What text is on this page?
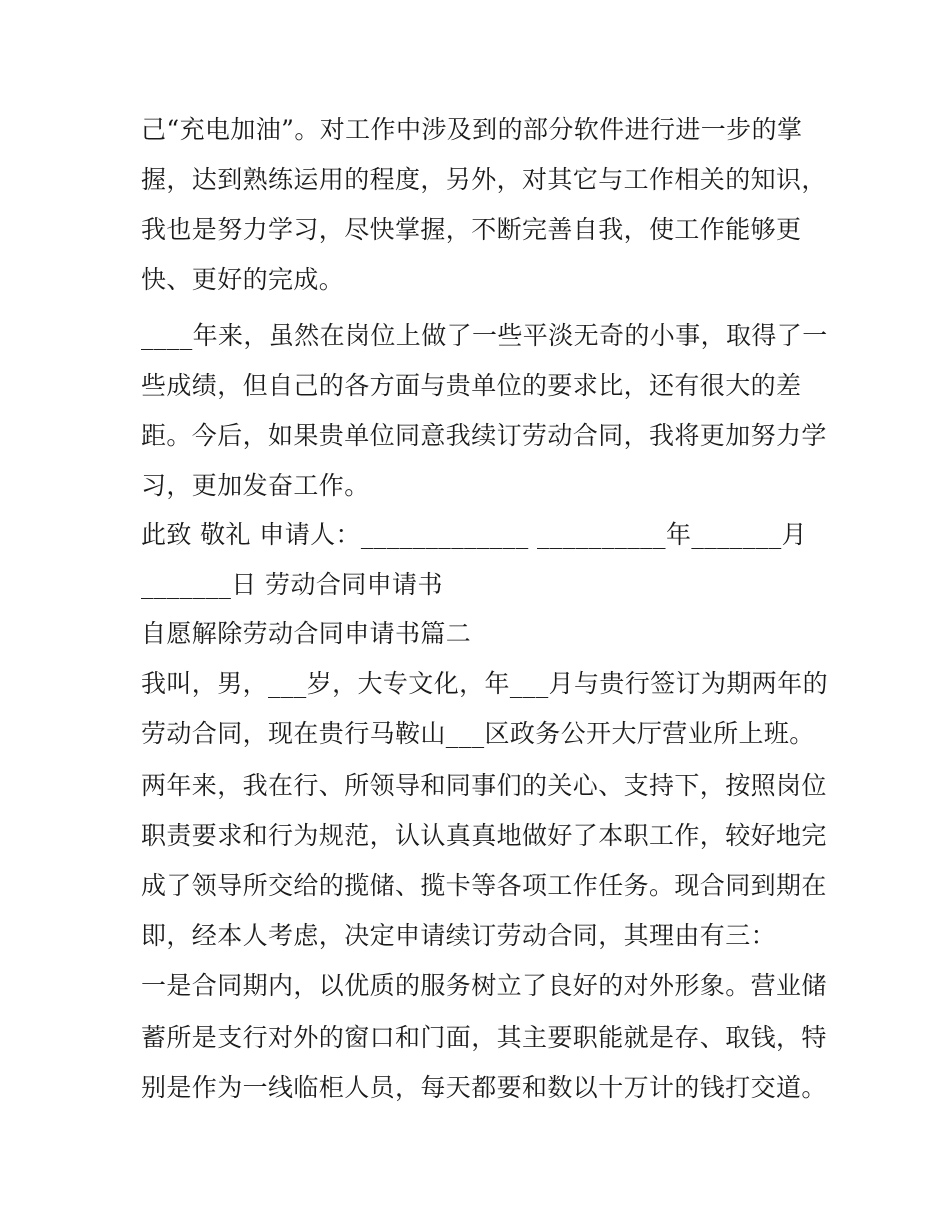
己“充电加油”。对工作中涉及到的部分软件进行进一步的掌
握，达到熟练运用的程度，另外，对其它与工作相关的知识，
我也是努力学习，尽快掌握，不断完善自我，使工作能够更
快、更好的完成。
____年来，虽然在岗位上做了一些平淡无奇的小事，取得了一
些成绩，但自己的各方面与贵单位的要求比，还有很大的差
距。今后，如果贵单位同意我续订劳动合同，我将更加努力学
习，更加发奋工作。
此致 敬礼 申请人：_____________ __________年_______月
_______日 劳动合同申请书
自愿解除劳动合同申请书篇二
我叫，男，___岁，大专文化，年___月与贵行签订为期两年的
劳动合同，现在贵行马鞍山___区政务公开大厅营业所上班。
两年来，我在行、所领导和同事们的关心、支持下，按照岗位
职责要求和行为规范，认认真真地做好了本职工作，较好地完
成了领导所交给的揽储、揽卡等各项工作任务。现合同到期在
即，经本人考虑，决定申请续订劳动合同，其理由有三：
一是合同期内，以优质的服务树立了良好的对外形象。营业储
蓄所是支行对外的窗口和门面，其主要职能就是存、取钱，特
别是作为一线临柜人员，每天都要和数以十万计的钱打交道。
